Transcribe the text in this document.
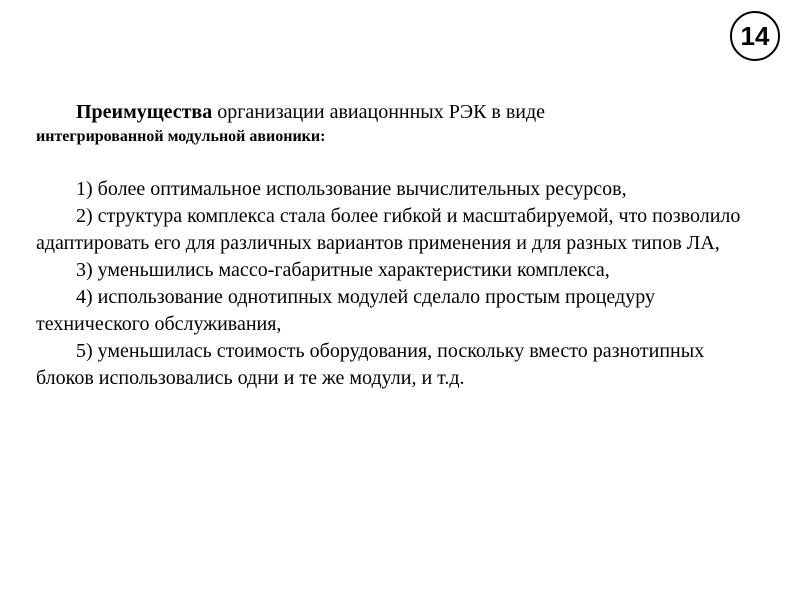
14
Преимущества организации авиацоннных РЭК в виде
интегрированной модульной авионики:
1) более оптимальное использование вычислительных ресурсов,
2) структура комплекса стала более гибкой и масштабируемой, что позволило адаптировать его для различных вариантов применения и для разных типов ЛА,
3) уменьшились массо-габаритные характеристики комплекса,
4) использование однотипных модулей сделало простым процедуру технического обслуживания,
5) уменьшилась стоимость оборудования, поскольку вместо разнотипных блоков использовались одни и те же модули, и т.д.
